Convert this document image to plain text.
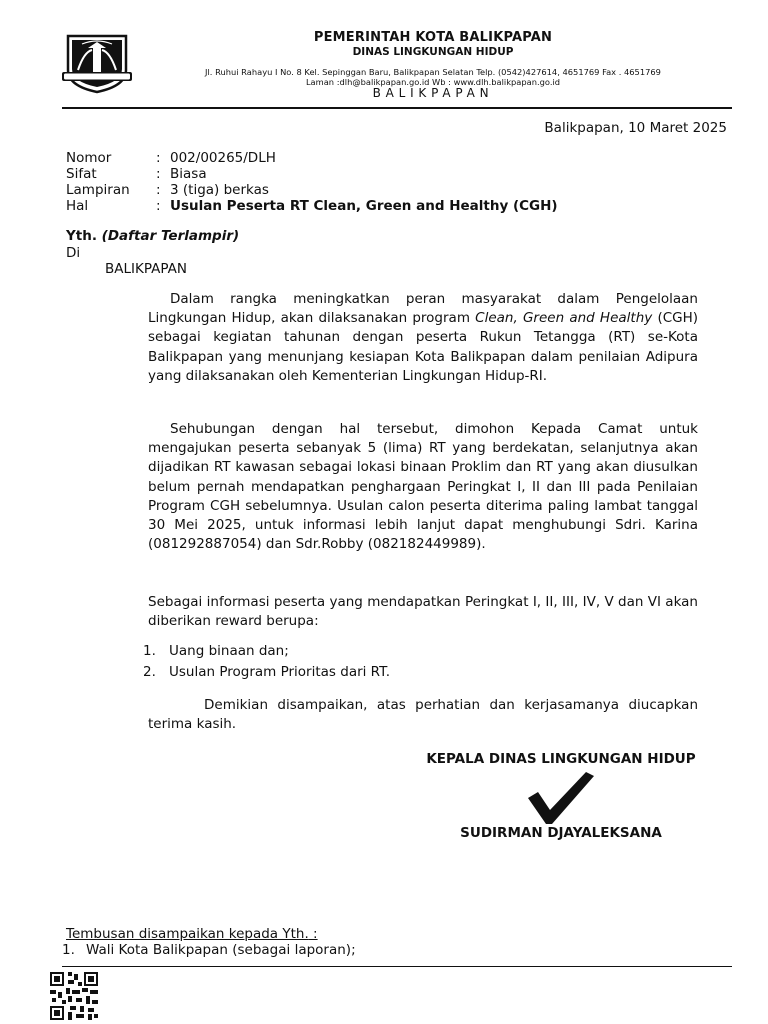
PEMERINTAH KOTA BALIKPAPAN
DINAS LINGKUNGAN HIDUP
Jl. Ruhui Rahayu I No. 8 Kel. Sepinggan Baru, Balikpapan Selatan Telp. (0542)427614, 4651769 Fax . 4651769
Laman :dlh@balikpapan.go.id Wb : www.dlh.balikpapan.go.id
BALIKPAPAN
Balikpapan, 10 Maret 2025
Nomor	: 002/00265/DLH
Sifat	: Biasa
Lampiran	: 3 (tiga) berkas
Hal	: Usulan Peserta RT Clean, Green and Healthy (CGH)
Yth. (Daftar Terlampir)
Di
BALIKPAPAN
Dalam rangka meningkatkan peran masyarakat dalam Pengelolaan Lingkungan Hidup, akan dilaksanakan program Clean, Green and Healthy (CGH) sebagai kegiatan tahunan dengan peserta Rukun Tetangga (RT) se-Kota Balikpapan yang menunjang kesiapan Kota Balikpapan dalam penilaian Adipura yang dilaksanakan oleh Kementerian Lingkungan Hidup-RI.
Sehubungan dengan hal tersebut, dimohon Kepada Camat untuk mengajukan peserta sebanyak 5 (lima) RT yang berdekatan, selanjutnya akan dijadikan RT kawasan sebagai lokasi binaan Proklim dan RT yang akan diusulkan belum pernah mendapatkan penghargaan Peringkat I, II dan III pada Penilaian Program CGH sebelumnya. Usulan calon peserta diterima paling lambat tanggal 30 Mei 2025, untuk informasi lebih lanjut dapat menghubungi Sdri. Karina (081292887054) dan Sdr.Robby (082182449989).
Sebagai informasi peserta yang mendapatkan Peringkat I, II, III, IV, V dan VI akan diberikan reward berupa:
1. Uang binaan dan;
2. Usulan Program Prioritas dari RT.
Demikian disampaikan, atas perhatian dan kerjasamanya diucapkan terima kasih.
KEPALA DINAS LINGKUNGAN HIDUP
SUDIRMAN DJAYALEKSANA
Tembusan disampaikan kepada Yth. :
1. Wali Kota Balikpapan (sebagai laporan);
